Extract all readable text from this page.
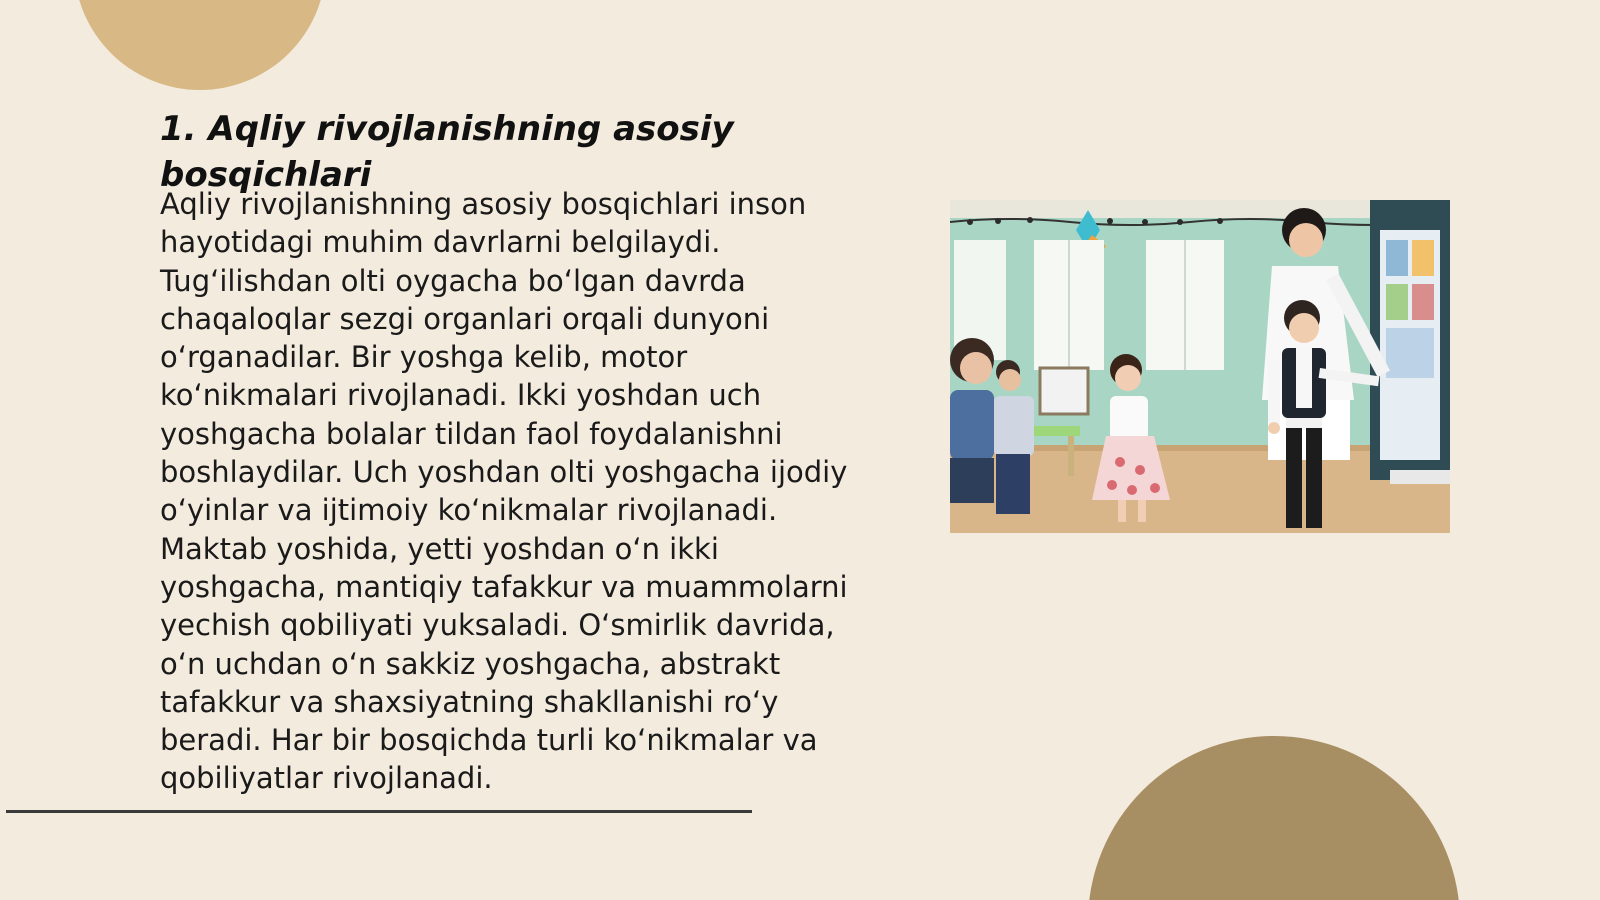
1. Aqliy rivojlanishning asosiy bosqichlari

Aqliy rivojlanishning asosiy bosqichlari inson hayotidagi muhim davrlarni belgilaydi. Tugʻilishdan olti oygacha boʻlgan davrda chaqaloqlar sezgi organlari orqali dunyoni oʻrganadilar. Bir yoshga kelib, motor koʻnikmalari rivojlanadi. Ikki yoshdan uch yoshgacha bolalar tildan faol foydalanishni boshlaydilar. Uch yoshdan olti yoshgacha ijodiy oʻyinlar va ijtimoiy koʻnikmalar rivojlanadi. Maktab yoshida, yetti yoshdan oʻn ikki yoshgacha, mantiqiy tafakkur va muammolarni yechish qobiliyati yuksaladi. Oʻsmirlik davrida, oʻn uchdan oʻn sakkiz yoshgacha, abstrakt tafakkur va shaxsiyatning shakllanishi roʻy beradi. Har bir bosqichda turli koʻnikmalar va qobiliyatlar rivojlanadi.
